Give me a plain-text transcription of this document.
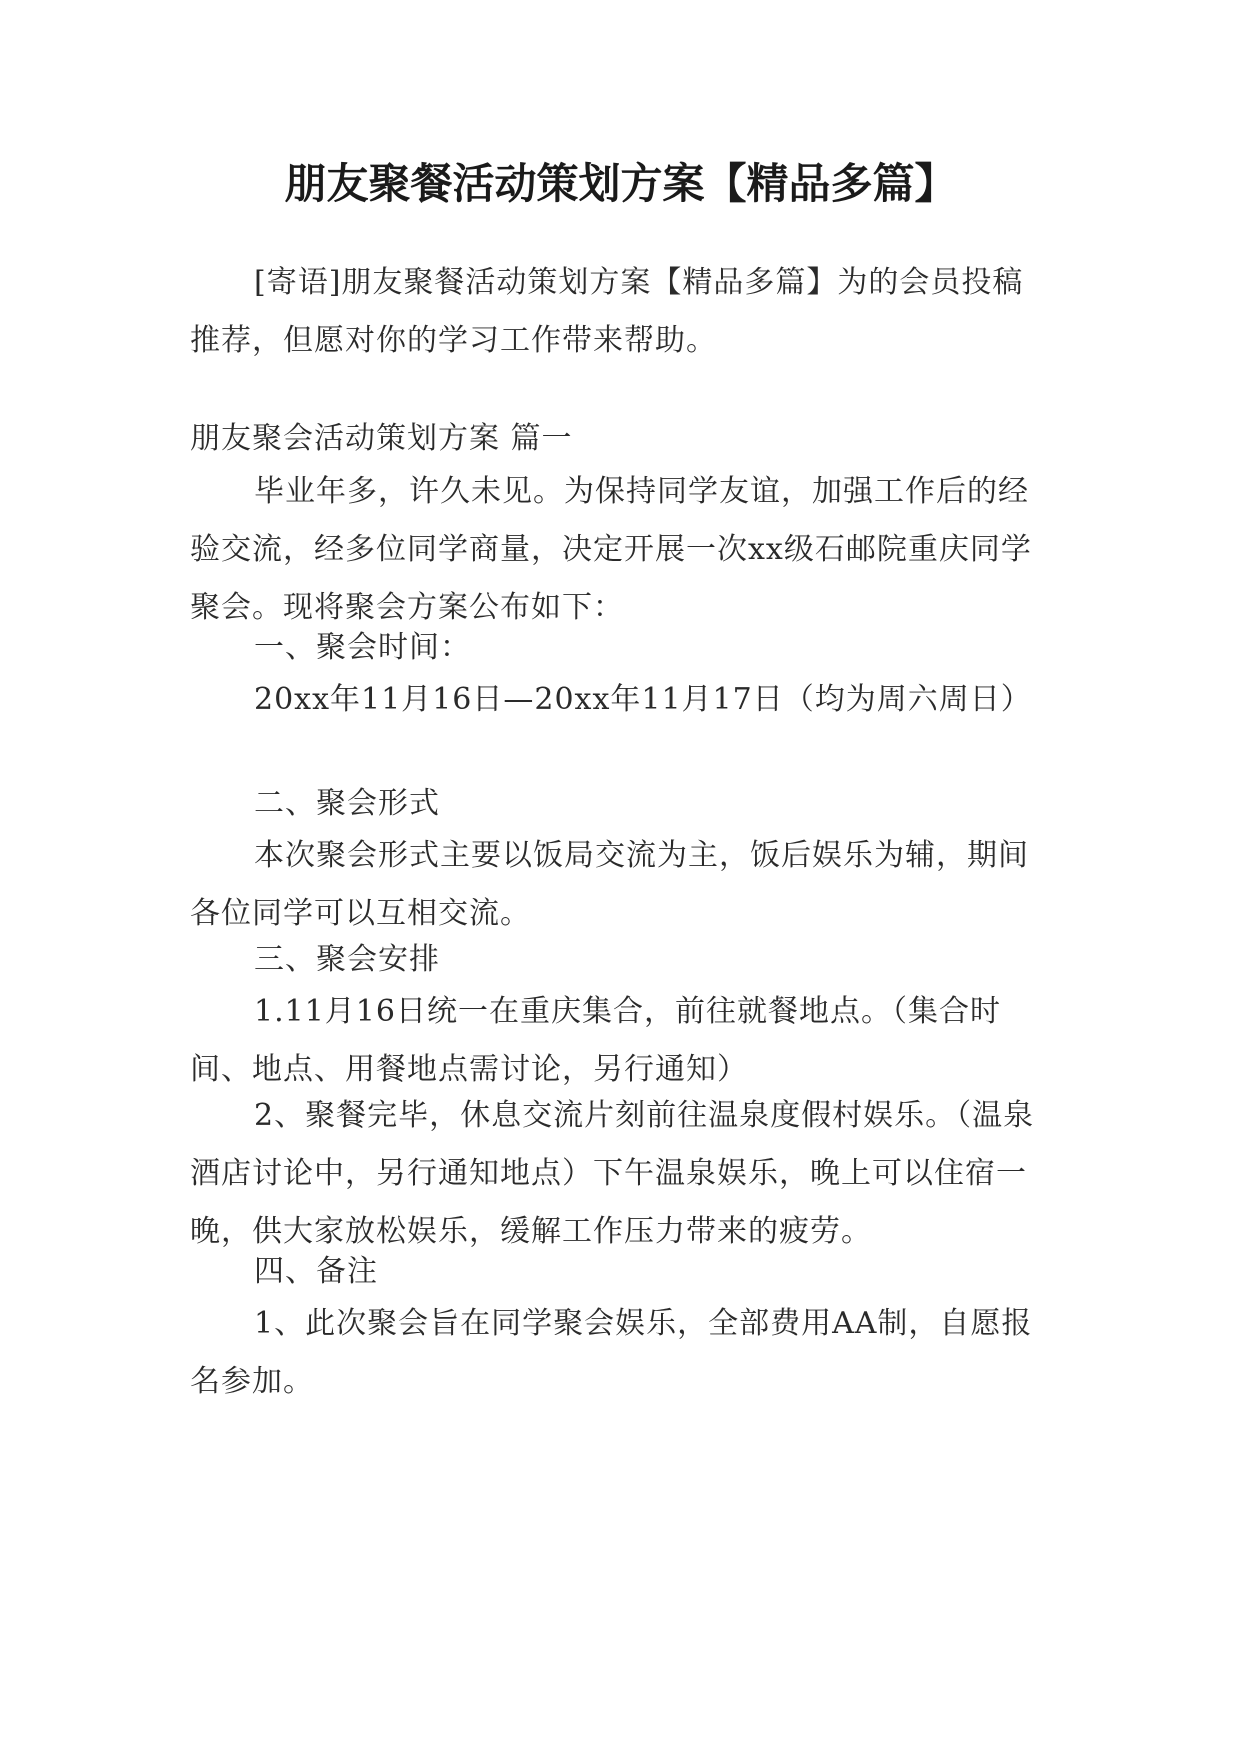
朋友聚餐活动策划方案【精品多篇】

[寄语]朋友聚餐活动策划方案【精品多篇】为的会员投稿推荐，但愿对你的学习工作带来帮助。

朋友聚会活动策划方案 篇一

毕业年多，许久未见。为保持同学友谊，加强工作后的经验交流，经多位同学商量，决定开展一次xx级石邮院重庆同学聚会。现将聚会方案公布如下：

一、聚会时间：

20xx年11月16日—20xx年11月17日（均为周六周日）

二、聚会形式

本次聚会形式主要以饭局交流为主，饭后娱乐为辅，期间各位同学可以互相交流。

三、聚会安排

1.11月16日统一在重庆集合，前往就餐地点。（集合时间、地点、用餐地点需讨论，另行通知）

2、聚餐完毕，休息交流片刻前往温泉度假村娱乐。（温泉酒店讨论中，另行通知地点）下午温泉娱乐，晚上可以住宿一晚，供大家放松娱乐，缓解工作压力带来的疲劳。

四、备注

1、此次聚会旨在同学聚会娱乐，全部费用AA制，自愿报名参加。
